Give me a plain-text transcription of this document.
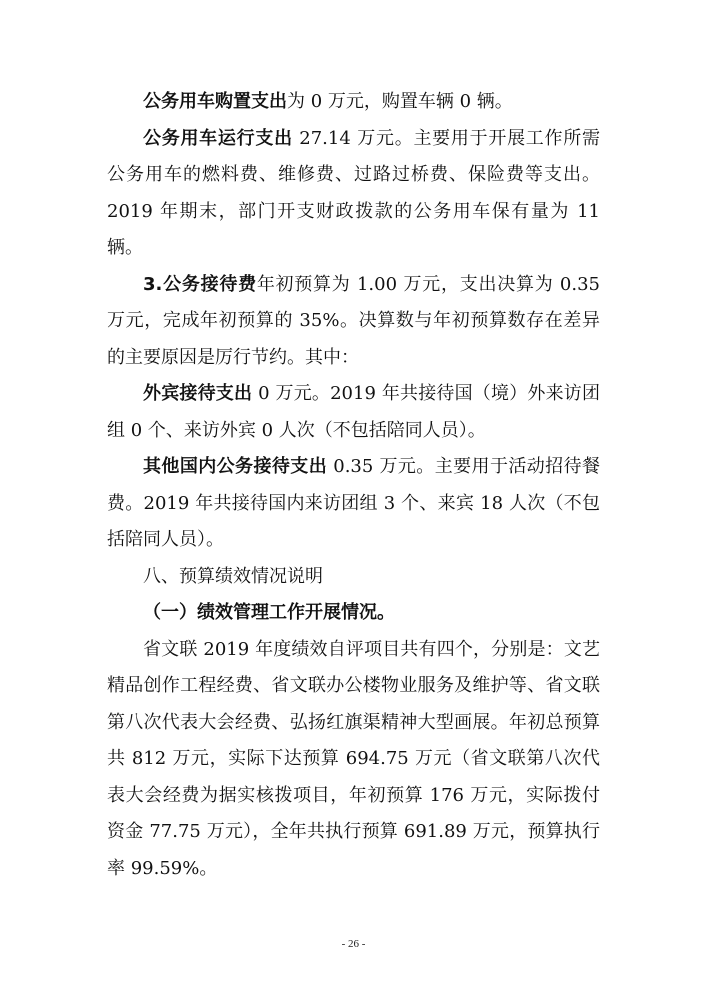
公务用车购置支出为 0 万元，购置车辆 0 辆。

公务用车运行支出 27.14 万元。主要用于开展工作所需公务用车的燃料费、维修费、过路过桥费、保险费等支出。2019 年期末，部门开支财政拨款的公务用车保有量为 11 辆。

3.公务接待费年初预算为 1.00 万元，支出决算为 0.35 万元，完成年初预算的 35%。决算数与年初预算数存在差异的主要原因是厉行节约。其中：

外宾接待支出 0 万元。2019 年共接待国（境）外来访团组 0 个、来访外宾 0 人次（不包括陪同人员）。

其他国内公务接待支出 0.35 万元。主要用于活动招待餐费。2019 年共接待国内来访团组 3 个、来宾 18 人次（不包括陪同人员）。

八、预算绩效情况说明

（一）绩效管理工作开展情况。

省文联 2019 年度绩效自评项目共有四个，分别是：文艺精品创作工程经费、省文联办公楼物业服务及维护等、省文联第八次代表大会经费、弘扬红旗渠精神大型画展。年初总预算共 812 万元，实际下达预算 694.75 万元（省文联第八次代表大会经费为据实核拨项目，年初预算 176 万元，实际拨付资金 77.75 万元），全年共执行预算 691.89 万元，预算执行率 99.59%。

- 26 -
